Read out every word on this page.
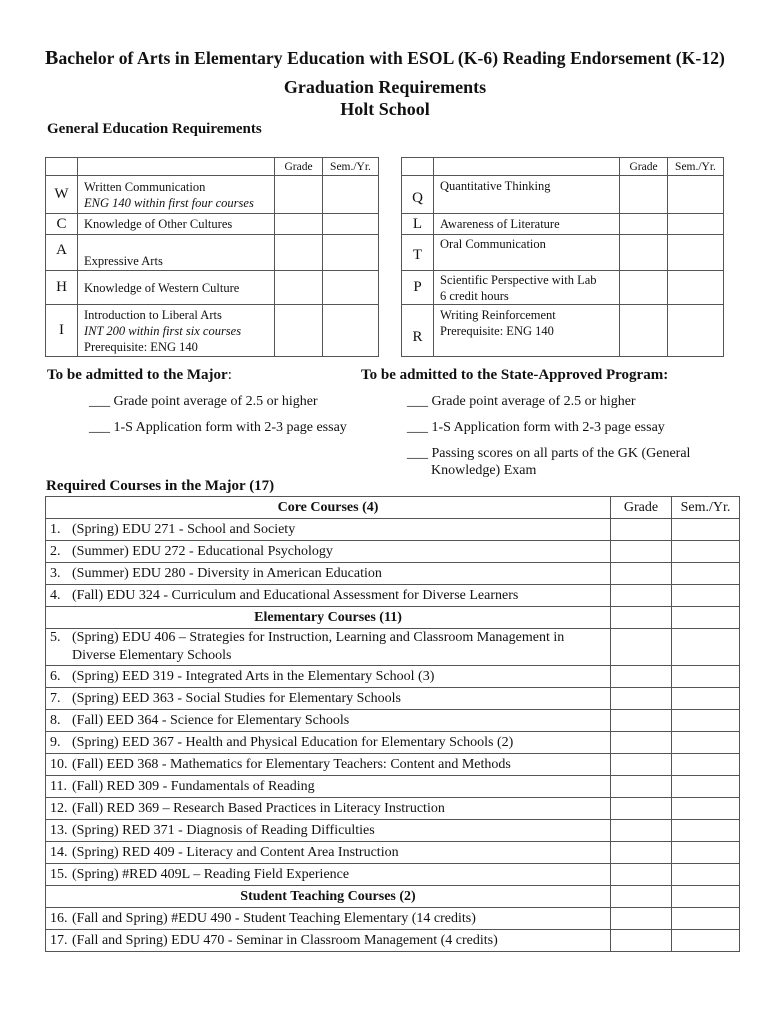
Bachelor of Arts in Elementary Education with ESOL (K-6) Reading Endorsement (K-12)
Graduation Requirements
Holt School
General Education Requirements
		Grade	Sem./Yr.
W	Written Communication
ENG 140 within first four courses		

C	Knowledge of Other Cultures		
A	Expressive Arts		
H	Knowledge of Western Culture		
I	Introduction to Liberal Arts
INT 200 within first six courses
Prerequisite: ENG 140		

		Grade	Sem./Yr.
Q	Quantitative Thinking		
L	Awareness of Literature		
T	Oral Communication		
P	Scientific Perspective with Lab
6 credit hours		

R	Writing Reinforcement
Prerequisite: ENG 140		

To be admitted to the Major:
___ Grade point average of 2.5 or higher
___ 1-S Application form with 2-3 page essay
To be admitted to the State-Approved Program:
___ Grade point average of 2.5 or higher
___ 1-S Application form with 2-3 page essay
___ Passing scores on all parts of the GK (General
Knowledge) Exam
Required Courses in the Major (17)
Core Courses (4)	Grade	Sem./Yr.

1. (Spring) EDU 271 - School and Society		

2. (Summer) EDU 272 - Educational Psychology		

3. (Summer) EDU 280 - Diversity in American Education		

4. (Fall) EDU 324 - Curriculum and Educational Assessment for Diverse Learners		

Elementary Courses (11)		

5. (Spring) EDU 406 – Strategies for Instruction, Learning and Classroom Management in Diverse Elementary Schools		

6. (Spring) EED 319 - Integrated Arts in the Elementary School (3)		

7. (Spring) EED 363 - Social Studies for Elementary Schools		

8. (Fall) EED 364 - Science for Elementary Schools		

9. (Spring) EED 367 - Health and Physical Education for Elementary Schools (2)		

10. (Fall) EED 368 - Mathematics for Elementary Teachers: Content and Methods		

11. (Fall) RED 309 - Fundamentals of Reading		

12. (Fall) RED 369 – Research Based Practices in Literacy Instruction		

13. (Spring) RED 371 - Diagnosis of Reading Difficulties		

14. (Spring) RED 409 - Literacy and Content Area Instruction		

15. (Spring) #RED 409L – Reading Field Experience		

Student Teaching Courses (2)		

16. (Fall and Spring) #EDU 490 - Student Teaching Elementary (14 credits)		

17. (Fall and Spring) EDU 470 - Seminar in Classroom Management (4 credits)		
